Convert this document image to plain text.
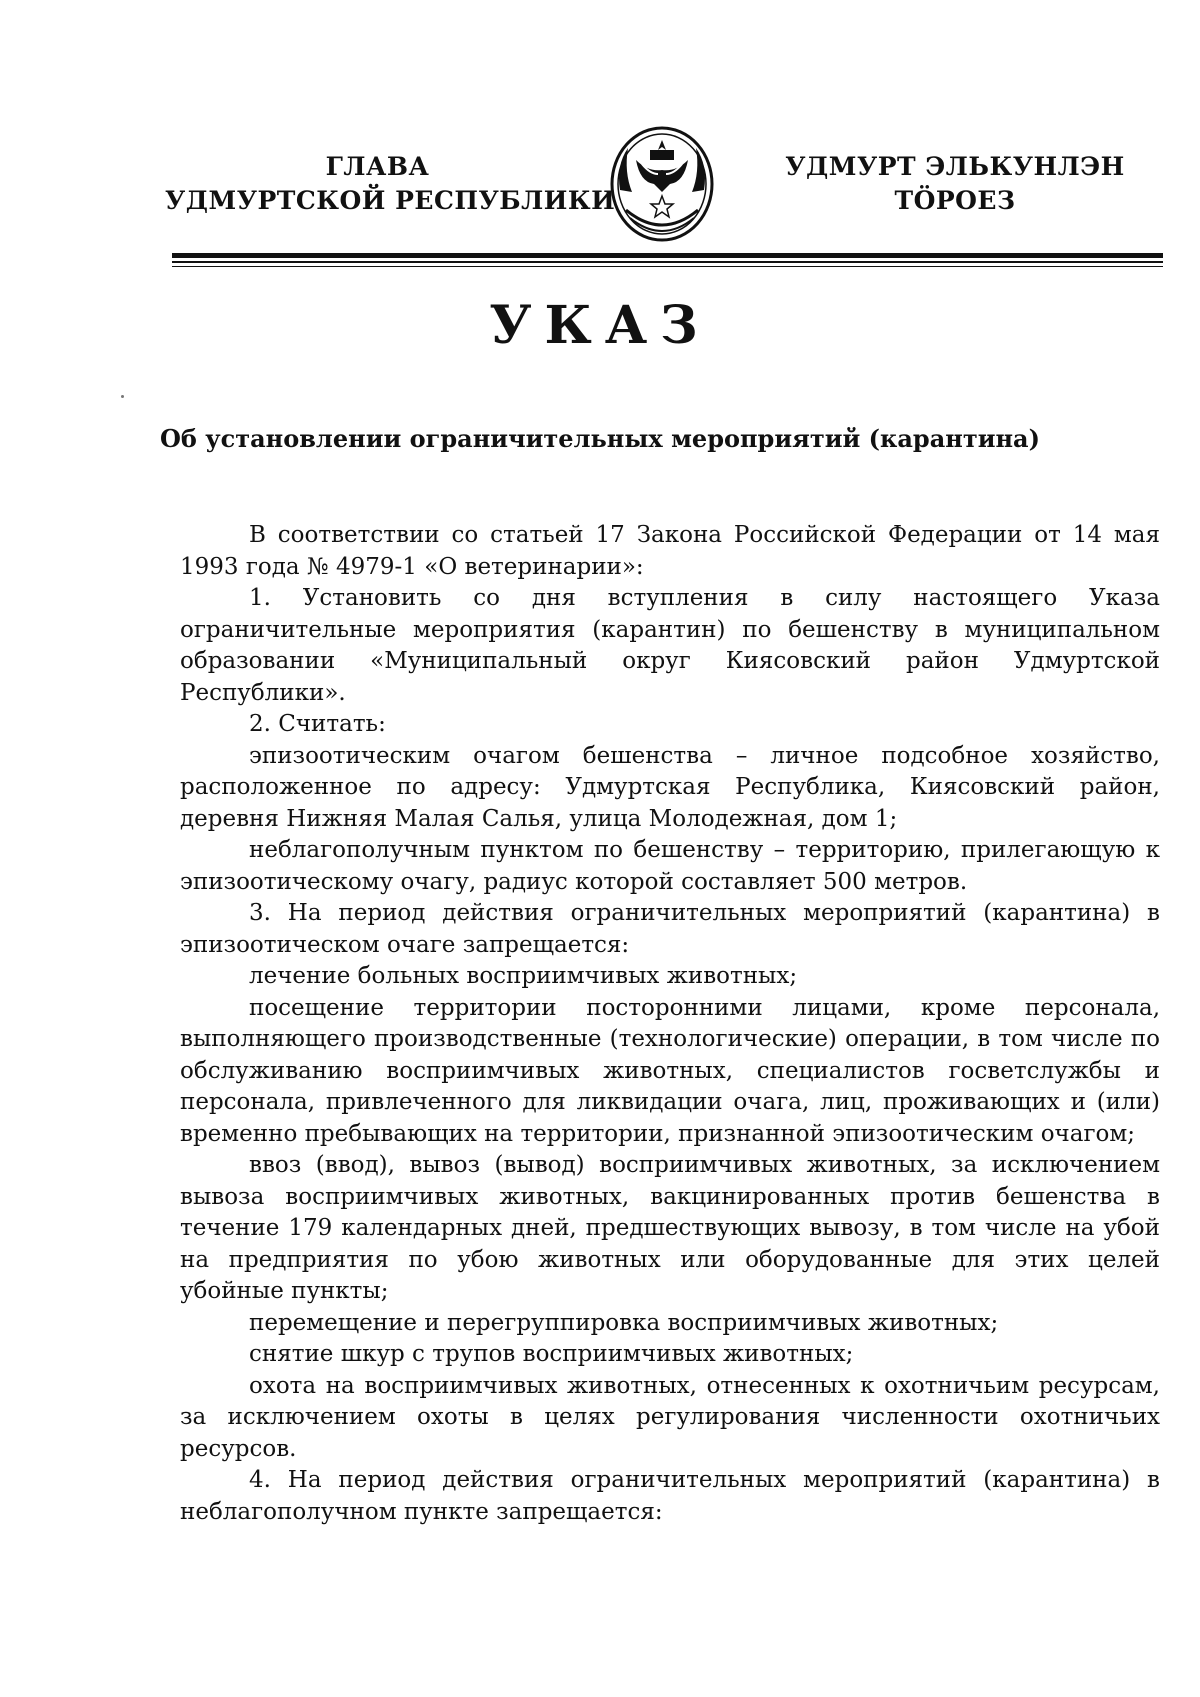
ГЛАВА
УДМУРТСКОЙ РЕСПУБЛИКИ
УДМУРТ ЭЛЬКУНЛЭН
ТӦРОЕЗ
УКАЗ
Об установлении ограничительных мероприятий (карантина)

В соответствии со статьей 17 Закона Российской Федерации от 14 мая 1993 года № 4979-1 «О ветеринарии»:

1. Установить со дня вступления в силу настоящего Указа ограничительные мероприятия (карантин) по бешенству в муниципальном образовании «Муниципальный округ Киясовский район Удмуртской Республики».

2. Считать:

эпизоотическим очагом бешенства – личное подсобное хозяйство, расположенное по адресу: Удмуртская Республика, Киясовский район, деревня Нижняя Малая Салья, улица Молодежная, дом 1;

неблагополучным пунктом по бешенству – территорию, прилегающую к эпизоотическому очагу, радиус которой составляет 500 метров.

3. На период действия ограничительных мероприятий (карантина) в эпизоотическом очаге запрещается:

лечение больных восприимчивых животных;

посещение территории посторонними лицами, кроме персонала, выполняющего производственные (технологические) операции, в том числе по обслуживанию восприимчивых животных, специалистов госветслужбы и персонала, привлеченного для ликвидации очага, лиц, проживающих и (или) временно пребывающих на территории, признанной эпизоотическим очагом;

ввоз (ввод), вывоз (вывод) восприимчивых животных, за исключением вывоза восприимчивых животных, вакцинированных против бешенства в течение 179 календарных дней, предшествующих вывозу, в том числе на убой на предприятия по убою животных или оборудованные для этих целей убойные пункты;

перемещение и перегруппировка восприимчивых животных;

снятие шкур с трупов восприимчивых животных;

охота на восприимчивых животных, отнесенных к охотничьим ресурсам, за исключением охоты в целях регулирования численности охотничьих ресурсов.

4. На период действия ограничительных мероприятий (карантина) в неблагополучном пункте запрещается:
